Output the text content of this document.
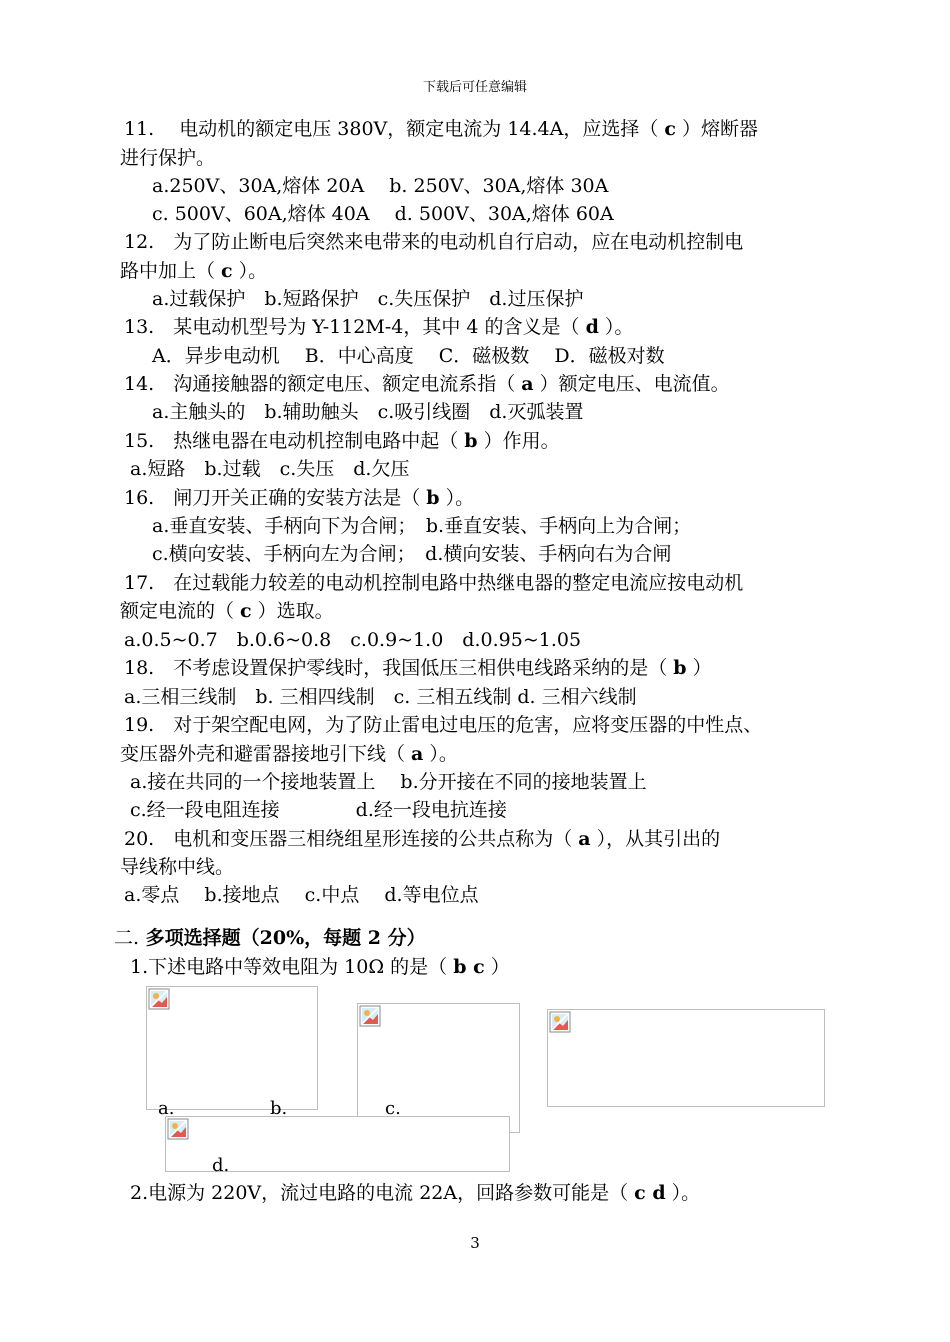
下载后可任意编辑
11.　 电动机的额定电压 380V，额定电流为 14.4A，应选择（ c ）熔断器
进行保护。
a.250V、30A,熔体 20A　 b. 250V、30A,熔体 30A
c. 500V、60A,熔体 40A　 d. 500V、30A,熔体 60A
12.　为了防止断电后突然来电带来的电动机自行启动，应在电动机控制电
路中加上（ c ）。
a.过载保护　b.短路保护　c.失压保护　d.过压保护
13.　某电动机型号为 Y-112M-4，其中 4 的含义是（ d ）。
A．异步电动机　 B．中心高度　 C．磁极数　 D．磁极对数
14.　沟通接触器的额定电压、额定电流系指（ a ）额定电压、电流值。
a.主触头的　b.辅助触头　c.吸引线圈　d.灭弧装置
15.　热继电器在电动机控制电路中起（ b ）作用。
a.短路　b.过载　c.失压　d.欠压
16.　闸刀开关正确的安装方法是（ b ）。
a.垂直安装、手柄向下为合闸；　b.垂直安装、手柄向上为合闸；
c.横向安装、手柄向左为合闸；　d.横向安装、手柄向右为合闸
17.　在过载能力较差的电动机控制电路中热继电器的整定电流应按电动机
额定电流的（ c ）选取。
a.0.5~0.7　b.0.6~0.8　c.0.9~1.0　d.0.95~1.05
18.　不考虑设置保护零线时，我国低压三相供电线路采纳的是（ b ）
a.三相三线制　b. 三相四线制　c. 三相五线制 d. 三相六线制
19.　对于架空配电网，为了防止雷电过电压的危害，应将变压器的中性点、
变压器外壳和避雷器接地引下线（ a ）。
a.接在共同的一个接地装置上　 b.分开接在不同的接地装置上
c.经一段电阻连接　　　　d.经一段电抗连接
20.　电机和变压器三相绕组星形连接的公共点称为（ a ），从其引出的
导线称中线。
a.零点　 b.接地点　 c.中点　 d.等电位点
二. 多项选择题（20%，每题 2 分）
1.下述电路中等效电阻为 10Ω 的是（ b c ）
a.	b.	c.
d.
2.电源为 220V，流过电路的电流 22A，回路参数可能是（ c d ）。
3
